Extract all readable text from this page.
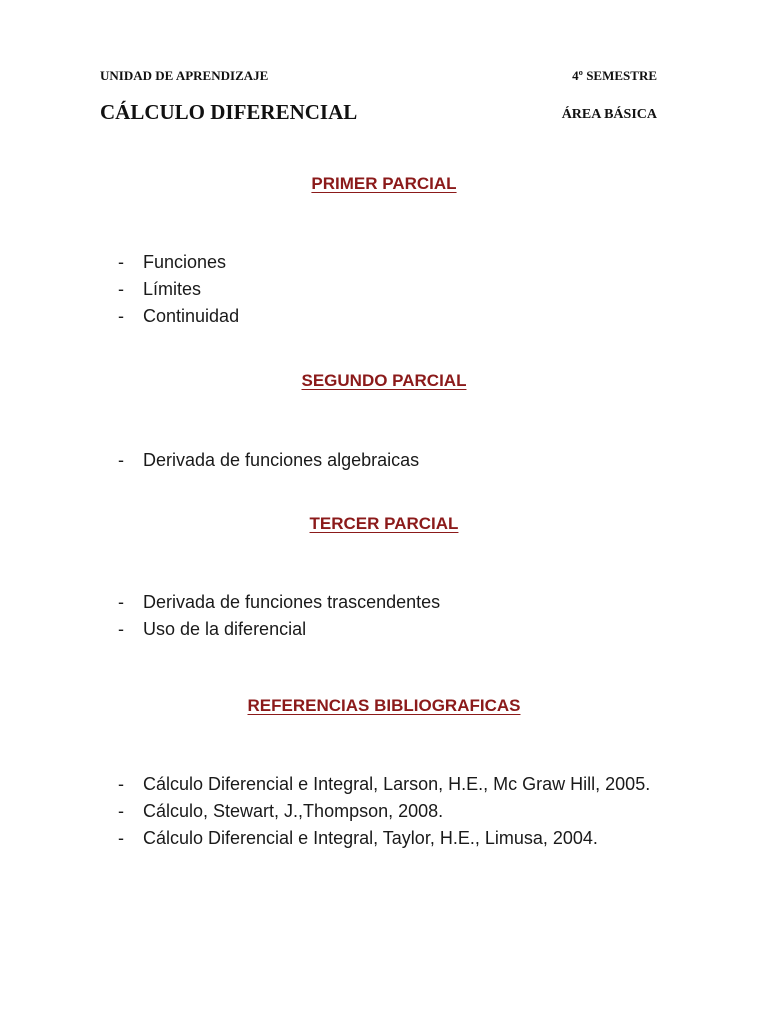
UNIDAD DE APRENDIZAJE	4º SEMESTRE
CÁLCULO DIFERENCIAL	ÁREA BÁSICA
PRIMER PARCIAL
- Funciones
- Límites
- Continuidad
SEGUNDO PARCIAL
- Derivada de funciones algebraicas
TERCER PARCIAL
- Derivada de funciones trascendentes
- Uso de la diferencial
REFERENCIAS BIBLIOGRAFICAS
- Cálculo Diferencial e Integral, Larson, H.E., Mc Graw Hill, 2005.
- Cálculo, Stewart, J.,Thompson, 2008.
- Cálculo Diferencial e Integral, Taylor, H.E., Limusa, 2004.
